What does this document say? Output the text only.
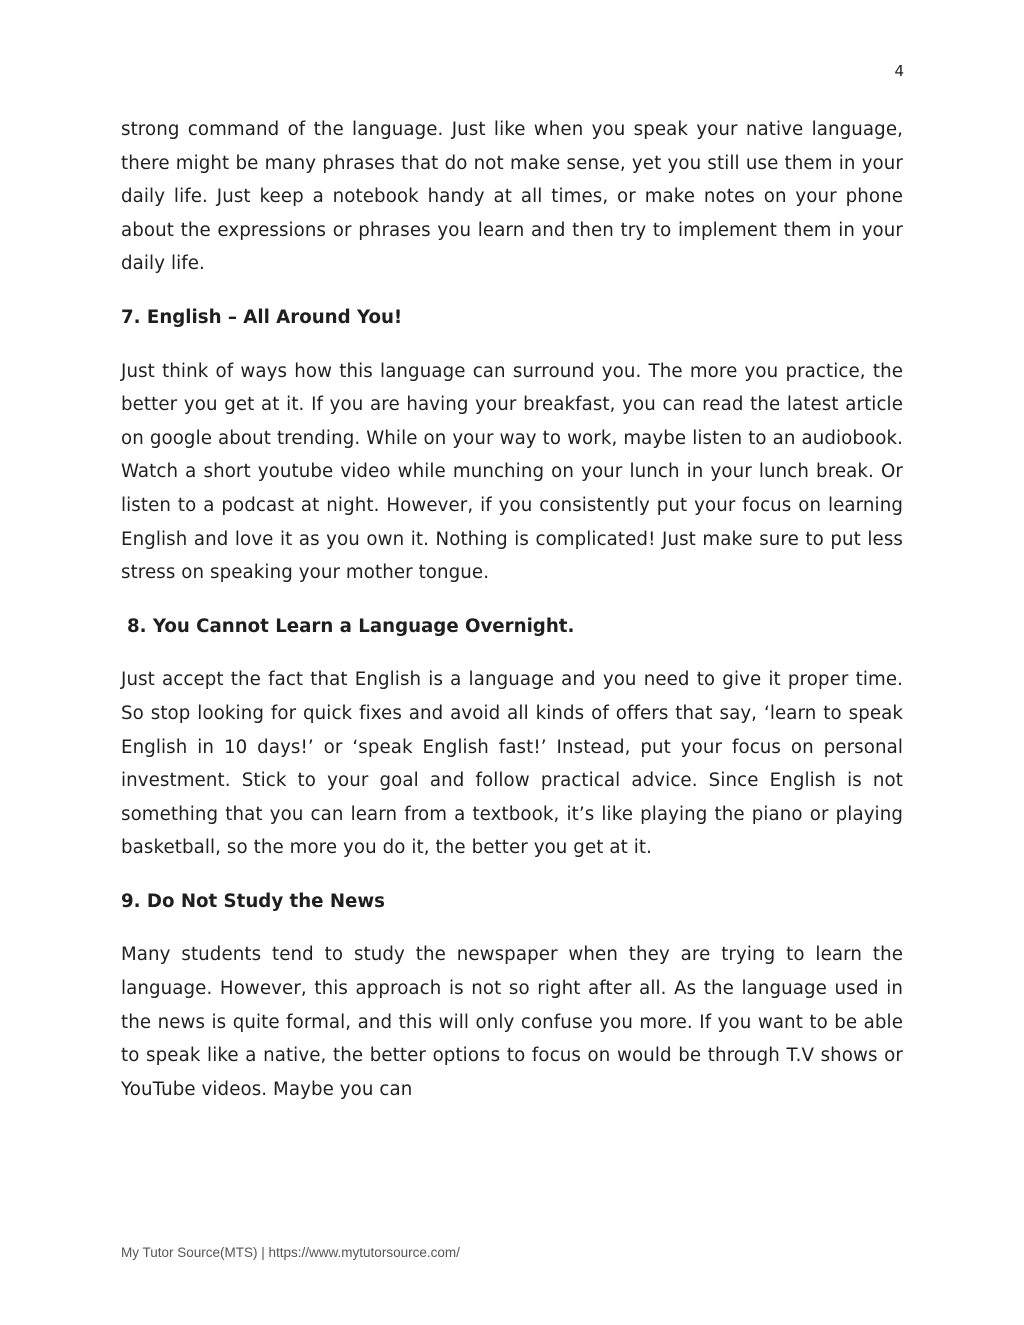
4

strong command of the language. Just like when you speak your native language, there might be many phrases that do not make sense, yet you still use them in your daily life. Just keep a notebook handy at all times, or make notes on your phone about the expressions or phrases you learn and then try to implement them in your daily life.

7. English – All Around You!

Just think of ways how this language can surround you. The more you practice, the better you get at it. If you are having your breakfast, you can read the latest article on google about trending. While on your way to work, maybe listen to an audiobook. Watch a short youtube video while munching on your lunch in your lunch break. Or listen to a podcast at night. However, if you consistently put your focus on learning English and love it as you own it. Nothing is complicated! Just make sure to put less stress on speaking your mother tongue.

8. You Cannot Learn a Language Overnight.

Just accept the fact that English is a language and you need to give it proper time. So stop looking for quick fixes and avoid all kinds of offers that say, ‘learn to speak English in 10 days!’ or ‘speak English fast!’ Instead, put your focus on personal investment. Stick to your goal and follow practical advice. Since English is not something that you can learn from a textbook, it’s like playing the piano or playing basketball, so the more you do it, the better you get at it.

9. Do Not Study the News

Many students tend to study the newspaper when they are trying to learn the language. However, this approach is not so right after all. As the language used in the news is quite formal, and this will only confuse you more. If you want to be able to speak like a native, the better options to focus on would be through T.V shows or YouTube videos. Maybe you can

My Tutor Source(MTS) | https://www.mytutorsource.com/
